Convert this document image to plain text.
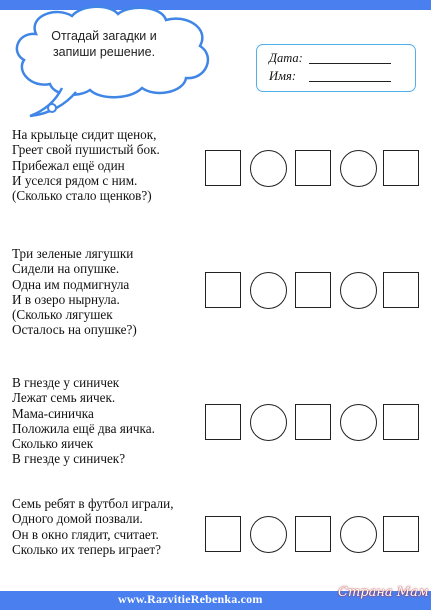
Отгадай загадки и
запиши решение.	Дата:
Имя:
На крыльце сидит щенок,
Греет свой пушистый бок.
Прибежал ещё один
И уселся рядом с ним.
(Сколько стало щенков?)
Три зеленые лягушки
Сидели на опушке.
Одна им подмигнула
И в озеро нырнула.
(Сколько лягушек
Осталось на опушке?)
В гнезде у синичек
Лежат семь яичек.
Мама-синичка
Положила ещё два яичка.
Сколько яичек
В гнезде у синичек?
Семь ребят в футбол играли,
Одного домой позвали.
Он в окно глядит, считает.
Сколько их теперь играет?
www.RazvitieRebenka.com	Страна Мам
